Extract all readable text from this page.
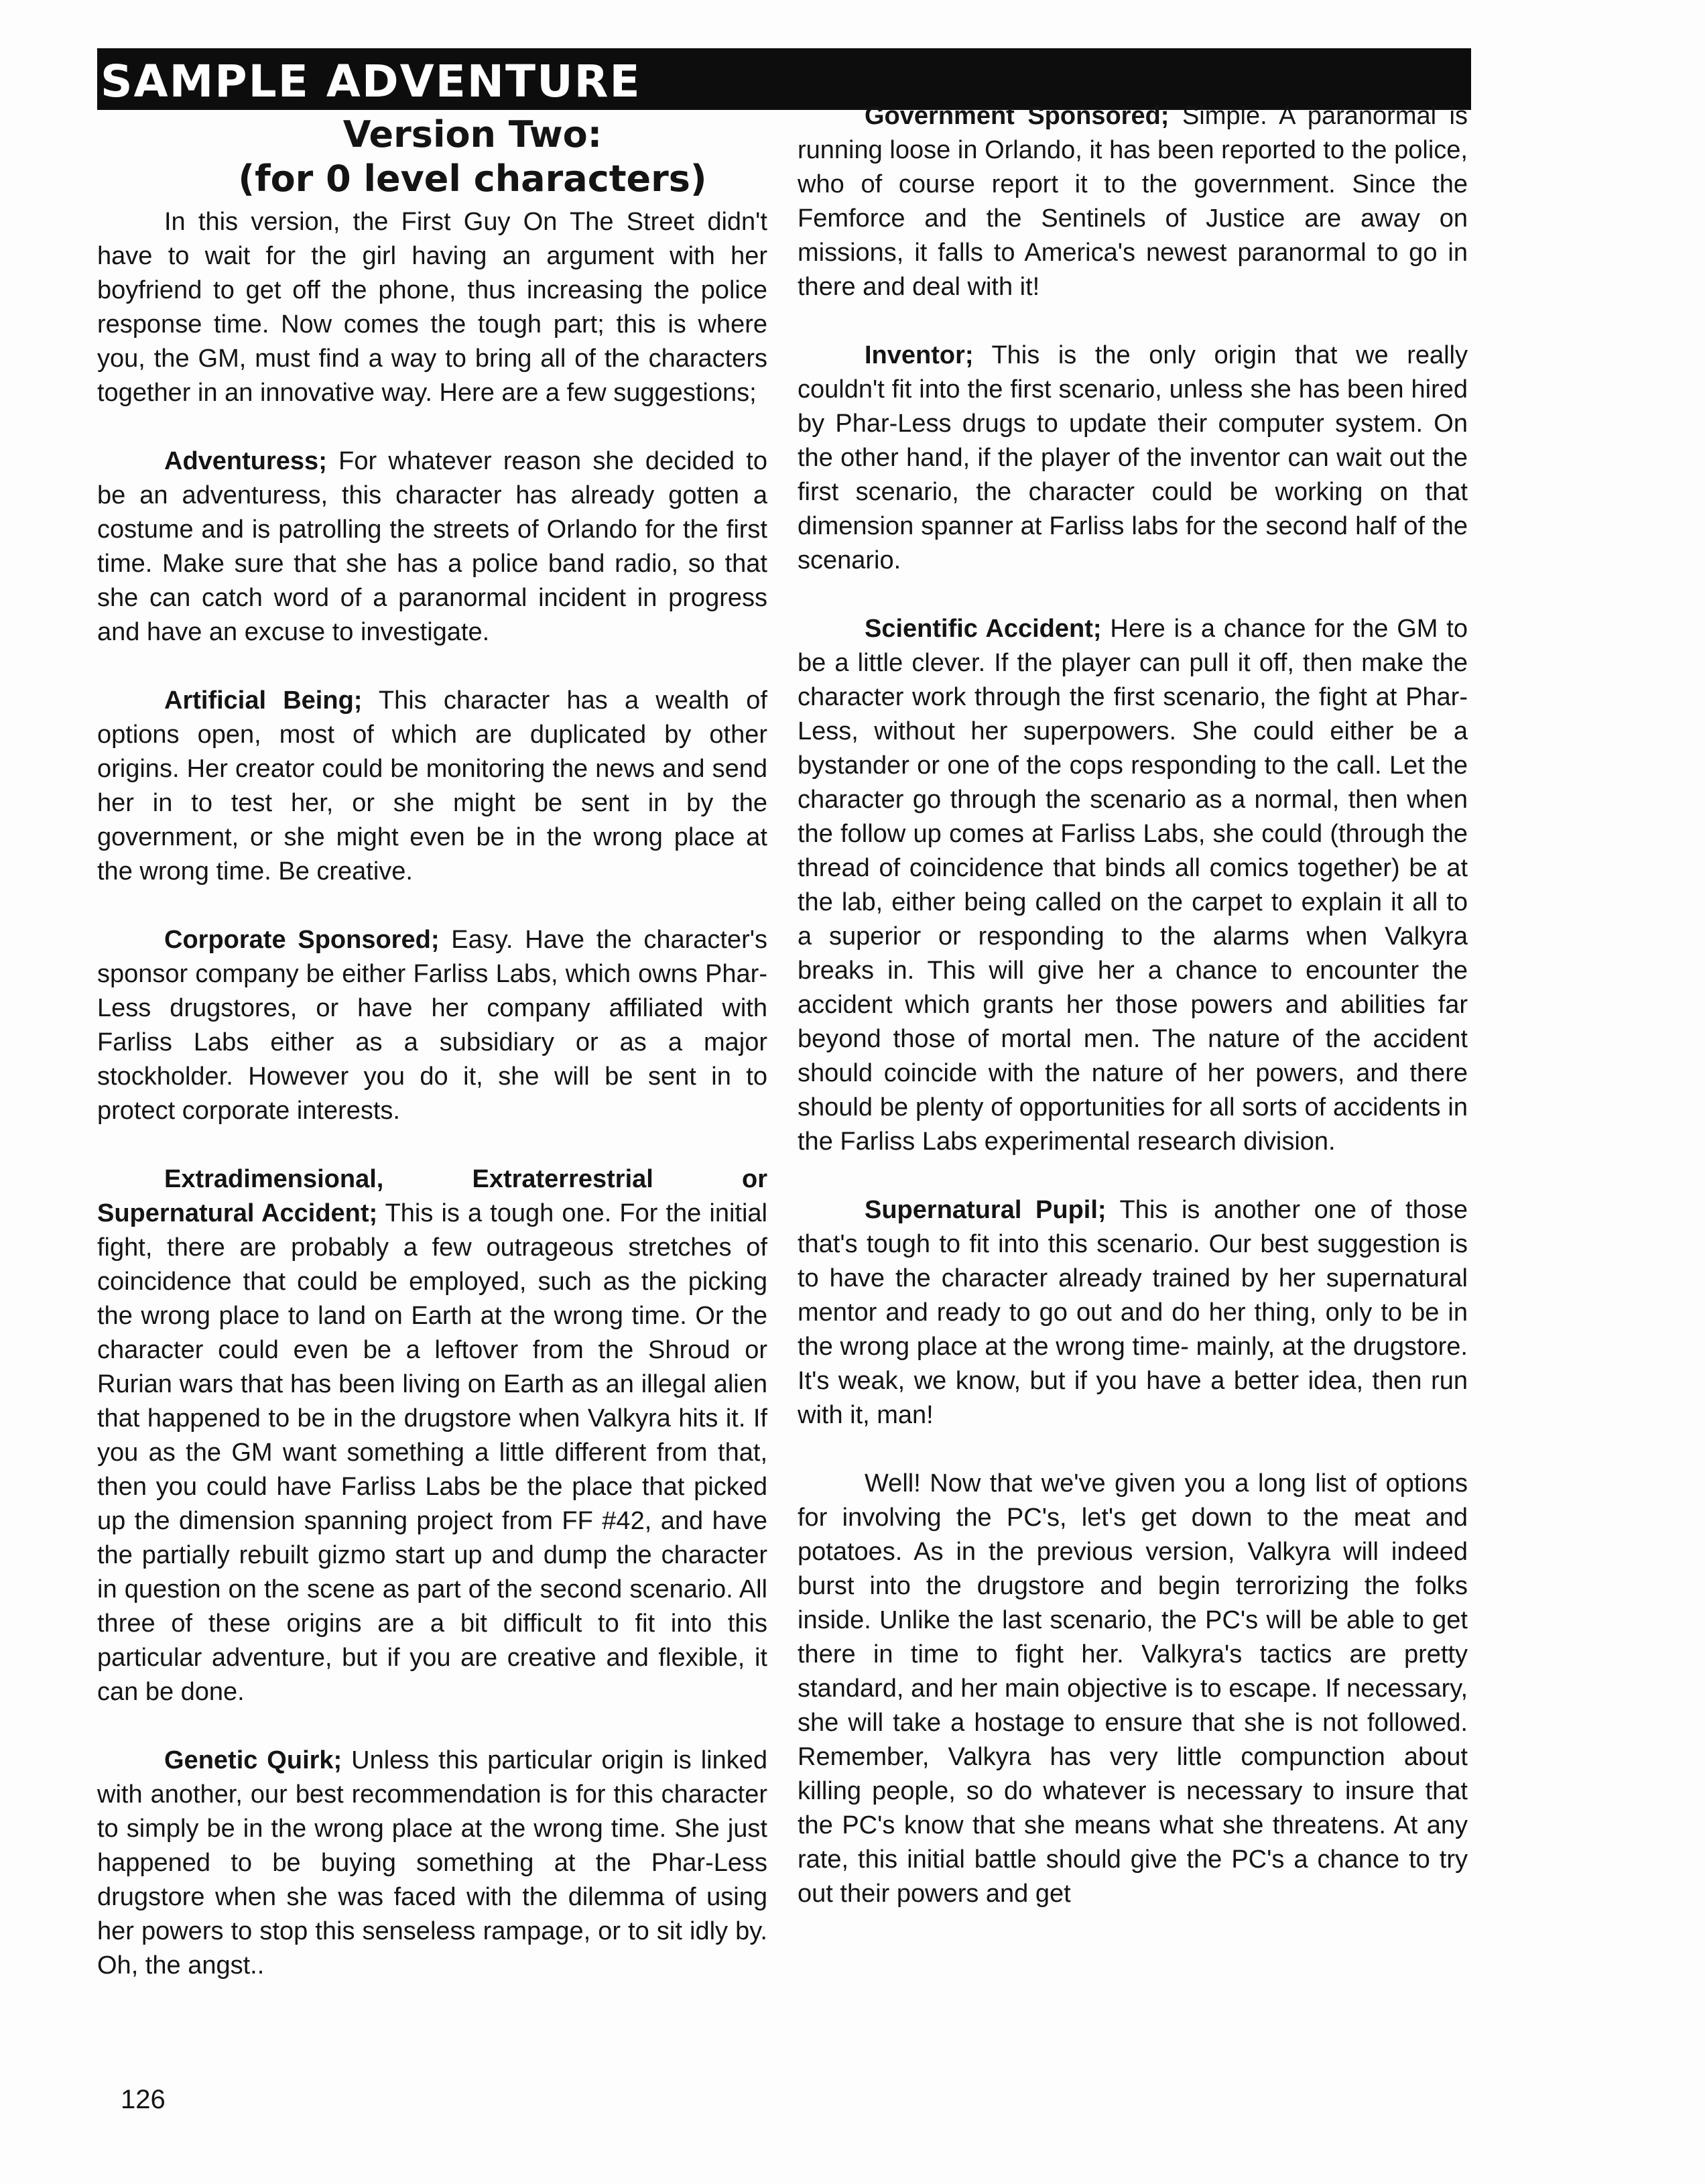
SAMPLE ADVENTURE
Version Two:
(for 0 level characters)

In this version, the First Guy On The Street didn't have to wait for the girl having an argument with her boyfriend to get off the phone, thus increasing the police response time. Now comes the tough part; this is where you, the GM, must find a way to bring all of the characters together in an innovative way. Here are a few suggestions;

Adventuress; For whatever reason she decided to be an adventuress, this character has already gotten a costume and is patrolling the streets of Orlando for the first time. Make sure that she has a police band radio, so that she can catch word of a paranormal incident in progress and have an excuse to investigate.

Artificial Being; This character has a wealth of options open, most of which are duplicated by other origins. Her creator could be monitoring the news and send her in to test her, or she might be sent in by the government, or she might even be in the wrong place at the wrong time. Be creative.

Corporate Sponsored; Easy. Have the character's sponsor company be either Farliss Labs, which owns Phar-Less drugstores, or have her company affiliated with Farliss Labs either as a subsidiary or as a major stockholder. However you do it, she will be sent in to protect corporate interests.

Extradimensional, Extraterrestrial or Supernatural Accident; This is a tough one. For the initial fight, there are probably a few outrageous stretches of coincidence that could be employed, such as the picking the wrong place to land on Earth at the wrong time. Or the character could even be a leftover from the Shroud or Rurian wars that has been living on Earth as an illegal alien that happened to be in the drugstore when Valkyra hits it. If you as the GM want something a little different from that, then you could have Farliss Labs be the place that picked up the dimension spanning project from FF #42, and have the partially rebuilt gizmo start up and dump the character in question on the scene as part of the second scenario. All three of these origins are a bit difficult to fit into this particular adventure, but if you are creative and flexible, it can be done.

Genetic Quirk; Unless this particular origin is linked with another, our best recommendation is for this character to simply be in the wrong place at the wrong time. She just happened to be buying something at the Phar-Less drugstore when she was faced with the dilemma of using her powers to stop this senseless rampage, or to sit idly by. Oh, the angst..

Government Sponsored; Simple. A paranormal is running loose in Orlando, it has been reported to the police, who of course report it to the government. Since the Femforce and the Sentinels of Justice are away on missions, it falls to America's newest paranormal to go in there and deal with it!

Inventor; This is the only origin that we really couldn't fit into the first scenario, unless she has been hired by Phar-Less drugs to update their computer system. On the other hand, if the player of the inventor can wait out the first scenario, the character could be working on that dimension spanner at Farliss labs for the second half of the scenario.

Scientific Accident; Here is a chance for the GM to be a little clever. If the player can pull it off, then make the character work through the first scenario, the fight at Phar-Less, without her superpowers. She could either be a bystander or one of the cops responding to the call. Let the character go through the scenario as a normal, then when the follow up comes at Farliss Labs, she could (through the thread of coincidence that binds all comics together) be at the lab, either being called on the carpet to explain it all to a superior or responding to the alarms when Valkyra breaks in. This will give her a chance to encounter the accident which grants her those powers and abilities far beyond those of mortal men. The nature of the accident should coincide with the nature of her powers, and there should be plenty of opportunities for all sorts of accidents in the Farliss Labs experimental research division.

Supernatural Pupil; This is another one of those that's tough to fit into this scenario. Our best suggestion is to have the character already trained by her supernatural mentor and ready to go out and do her thing, only to be in the wrong place at the wrong time- mainly, at the drugstore. It's weak, we know, but if you have a better idea, then run with it, man!

Well! Now that we've given you a long list of options for involving the PC's, let's get down to the meat and potatoes. As in the previous version, Valkyra will indeed burst into the drugstore and begin terrorizing the folks inside. Unlike the last scenario, the PC's will be able to get there in time to fight her. Valkyra's tactics are pretty standard, and her main objective is to escape. If necessary, she will take a hostage to ensure that she is not followed. Remember, Valkyra has very little compunction about killing people, so do whatever is necessary to insure that the PC's know that she means what she threatens. At any rate, this initial battle should give the PC's a chance to try out their powers and get

126
